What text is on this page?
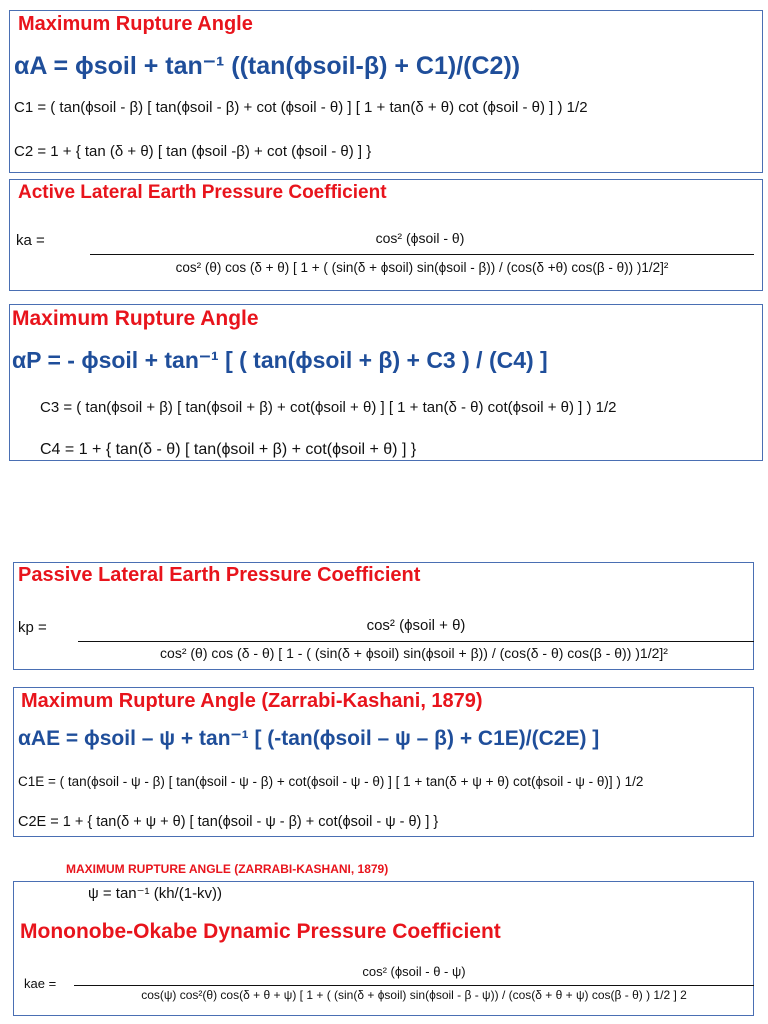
Maximum Rupture Angle
αA = ϕsoil + tan⁻¹ ((tan(ϕsoil-β) + C1)/(C2))
C1 = ( tan(ϕsoil - β) [ tan(ϕsoil - β) + cot (ϕsoil - θ) ] [ 1 + tan(δ + θ) cot (ϕsoil - θ) ] ) 1/2
C2 = 1 + { tan (δ + θ) [ tan (ϕsoil -β) + cot (ϕsoil - θ) ] }
Active Lateral Earth Pressure Coefficient
ka =	cos² (ϕsoil - θ)
cos² (θ) cos (δ + θ) [ 1 + ( (sin(δ + ϕsoil) sin(ϕsoil - β)) / (cos(δ +θ) cos(β - θ)) )1/2]²
Maximum Rupture Angle
αP = - ϕsoil + tan⁻¹ [ ( tan(ϕsoil + β) + C3 ) / (C4) ]
C3 = ( tan(ϕsoil + β) [ tan(ϕsoil + β) + cot(ϕsoil + θ) ] [ 1 + tan(δ - θ) cot(ϕsoil + θ) ] ) 1/2
C4 = 1 + { tan(δ - θ) [ tan(ϕsoil + β) + cot(ϕsoil + θ) ] }
Passive Lateral Earth Pressure Coefficient
kp =	cos² (ϕsoil + θ)
cos² (θ) cos (δ - θ) [ 1 - ( (sin(δ + ϕsoil) sin(ϕsoil + β)) / (cos(δ - θ) cos(β - θ)) )1/2]²
Maximum Rupture Angle (Zarrabi-Kashani, 1879)
αAE = ϕsoil – ψ + tan⁻¹ [ (-tan(ϕsoil – ψ – β) + C1E)/(C2E) ]
C1E = ( tan(ϕsoil - ψ - β) [ tan(ϕsoil - ψ - β) + cot(ϕsoil - ψ - θ) ] [ 1 + tan(δ + ψ + θ) cot(ϕsoil - ψ - θ)] ) 1/2
C2E = 1 + { tan(δ + ψ + θ) [ tan(ϕsoil - ψ - β) + cot(ϕsoil - ψ - θ) ] }
MAXIMUM RUPTURE ANGLE (ZARRABI-KASHANI, 1879)
ψ = tan⁻¹ (kh/(1-kv))
Mononobe-Okabe Dynamic Pressure Coefficient
kae =
cos² (ϕsoil - θ - ψ)
cos(ψ) cos²(θ) cos(δ + θ + ψ) [ 1 + ( (sin(δ + ϕsoil) sin(ϕsoil - β - ψ)) / (cos(δ + θ + ψ) cos(β - θ) ) 1/2 ] 2
